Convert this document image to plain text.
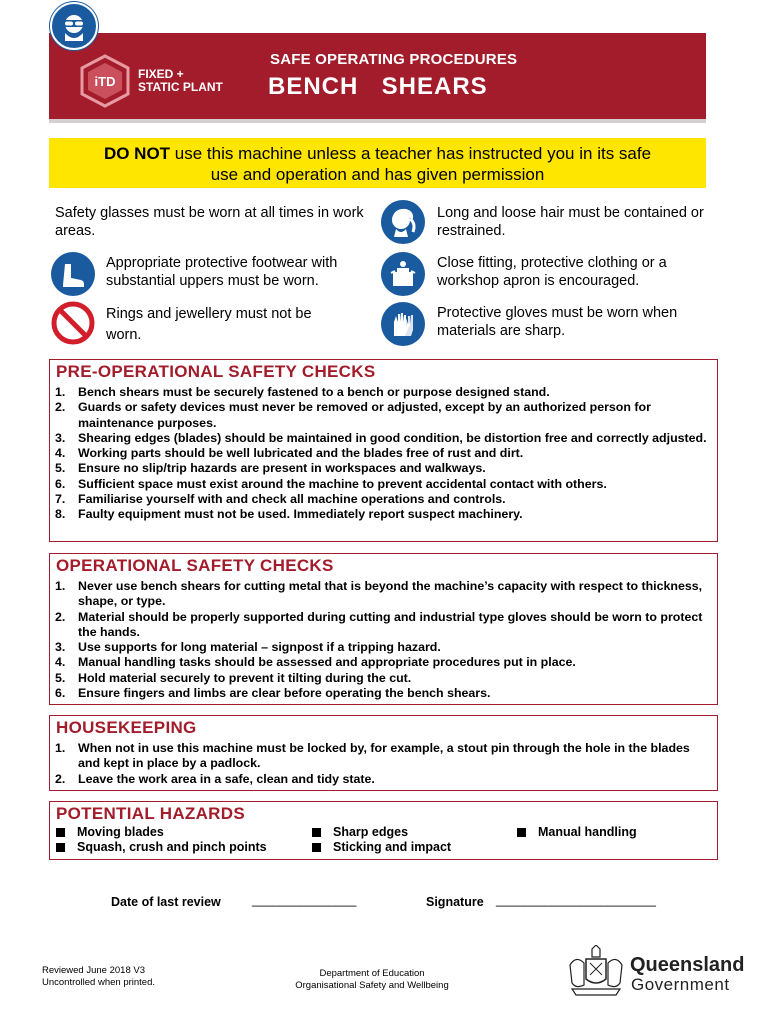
iTD FIXED +
STATIC PLANT
SAFE OPERATING PROCEDURES
BENCH  SHEARS
DO NOT use this machine unless a teacher has instructed you in its safe
use and operation and has given permission
Safety glasses must be worn at all times in work areas.
Long and loose hair must be contained or restrained.
Appropriate protective footwear with substantial uppers must be worn.
Close fitting, protective clothing or a workshop apron is encouraged.
Rings and jewellery must not be worn.
Protective gloves must be worn when materials are sharp.
PRE-OPERATIONAL SAFETY CHECKS
1.	Bench shears must be securely fastened to a bench or purpose designed stand.
2.	Guards or safety devices must never be removed or adjusted, except by an authorized person for maintenance purposes.
3.	Shearing edges (blades) should be maintained in good condition, be distortion free and correctly adjusted.
4.	Working parts should be well lubricated and the blades free of rust and dirt.
5.	Ensure no slip/trip hazards are present in workspaces and walkways.
6.	Sufficient space must exist around the machine to prevent accidental contact with others.
7.	Familiarise yourself with and check all machine operations and controls.
8.	Faulty equipment must not be used. Immediately report suspect machinery.
OPERATIONAL SAFETY CHECKS
1.	Never use bench shears for cutting metal that is beyond the machine’s capacity with respect to thickness, shape, or type.
2.	Material should be properly supported during cutting and industrial type gloves should be worn to protect the hands.
3.	Use supports for long material – signpost if a tripping hazard.
4.	Manual handling tasks should be assessed and appropriate procedures put in place.
5.	Hold material securely to prevent it tilting during the cut.
6.	Ensure fingers and limbs are clear before operating the bench shears.
HOUSEKEEPING
1.	When not in use this machine must be locked by, for example, a stout pin through the hole in the blades and kept in place by a padlock.
2.	Leave the work area in a safe, clean and tidy state.
POTENTIAL HAZARDS
Moving blades	Sharp edges	Manual handling
Squash, crush and pinch points	Sticking and impact
Date of last review _______________	Signature _______________________
Reviewed June 2018 V3
Uncontrolled when printed.
Department of Education
Organisational Safety and Wellbeing
Queensland
Government
